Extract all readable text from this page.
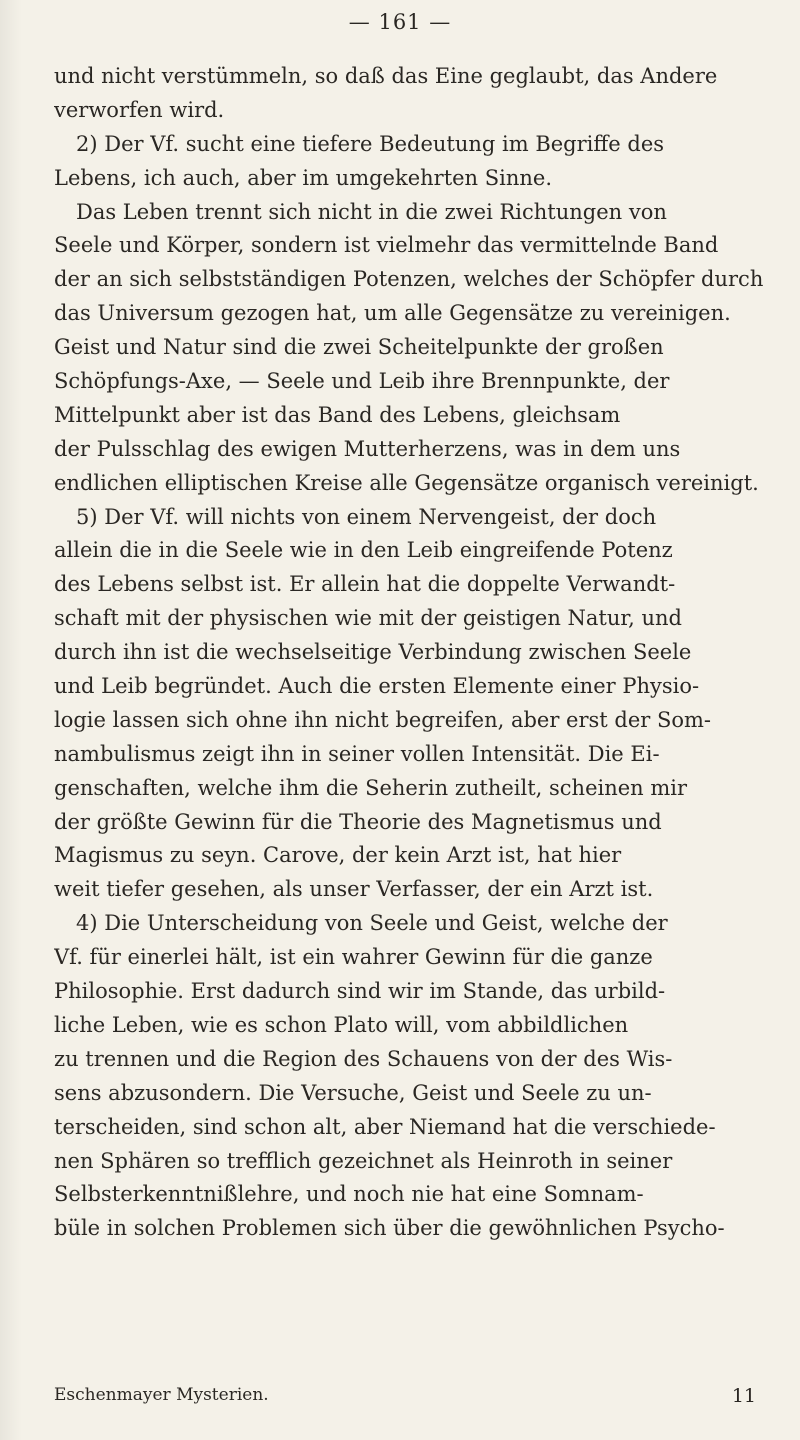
— 161 —
und nicht verstümmeln, so daß das Eine geglaubt, das Andere
verworfen wird.
2) Der Vf. sucht eine tiefere Bedeutung im Begriffe des
Lebens, ich auch, aber im umgekehrten Sinne.
Das Leben trennt sich nicht in die zwei Richtungen von
Seele und Körper, sondern ist vielmehr das vermittelnde Band
der an sich selbstständigen Potenzen, welches der Schöpfer durch
das Universum gezogen hat, um alle Gegensätze zu vereinigen.
Geist und Natur sind die zwei Scheitelpunkte der großen
Schöpfungs-Axe, — Seele und Leib ihre Brennpunkte, der
Mittelpunkt aber ist das Band des Lebens, gleichsam
der Pulsschlag des ewigen Mutterherzens, was in dem uns
endlichen elliptischen Kreise alle Gegensätze organisch vereinigt.
5) Der Vf. will nichts von einem Nervengeist, der doch
allein die in die Seele wie in den Leib eingreifende Potenz
des Lebens selbst ist. Er allein hat die doppelte Verwandt-
schaft mit der physischen wie mit der geistigen Natur, und
durch ihn ist die wechselseitige Verbindung zwischen Seele
und Leib begründet. Auch die ersten Elemente einer Physio-
logie lassen sich ohne ihn nicht begreifen, aber erst der Som-
nambulismus zeigt ihn in seiner vollen Intensität. Die Ei-
genschaften, welche ihm die Seherin zutheilt, scheinen mir
der größte Gewinn für die Theorie des Magnetismus und
Magismus zu seyn. Carove, der kein Arzt ist, hat hier
weit tiefer gesehen, als unser Verfasser, der ein Arzt ist.
4) Die Unterscheidung von Seele und Geist, welche der
Vf. für einerlei hält, ist ein wahrer Gewinn für die ganze
Philosophie. Erst dadurch sind wir im Stande, das urbild-
liche Leben, wie es schon Plato will, vom abbildlichen
zu trennen und die Region des Schauens von der des Wis-
sens abzusondern. Die Versuche, Geist und Seele zu un-
terscheiden, sind schon alt, aber Niemand hat die verschiede-
nen Sphären so trefflich gezeichnet als Heinroth in seiner
Selbsterkenntnißlehre, und noch nie hat eine Somnam-
büle in solchen Problemen sich über die gewöhnlichen Psycho-
Eschenmayer Mysterien.	11
